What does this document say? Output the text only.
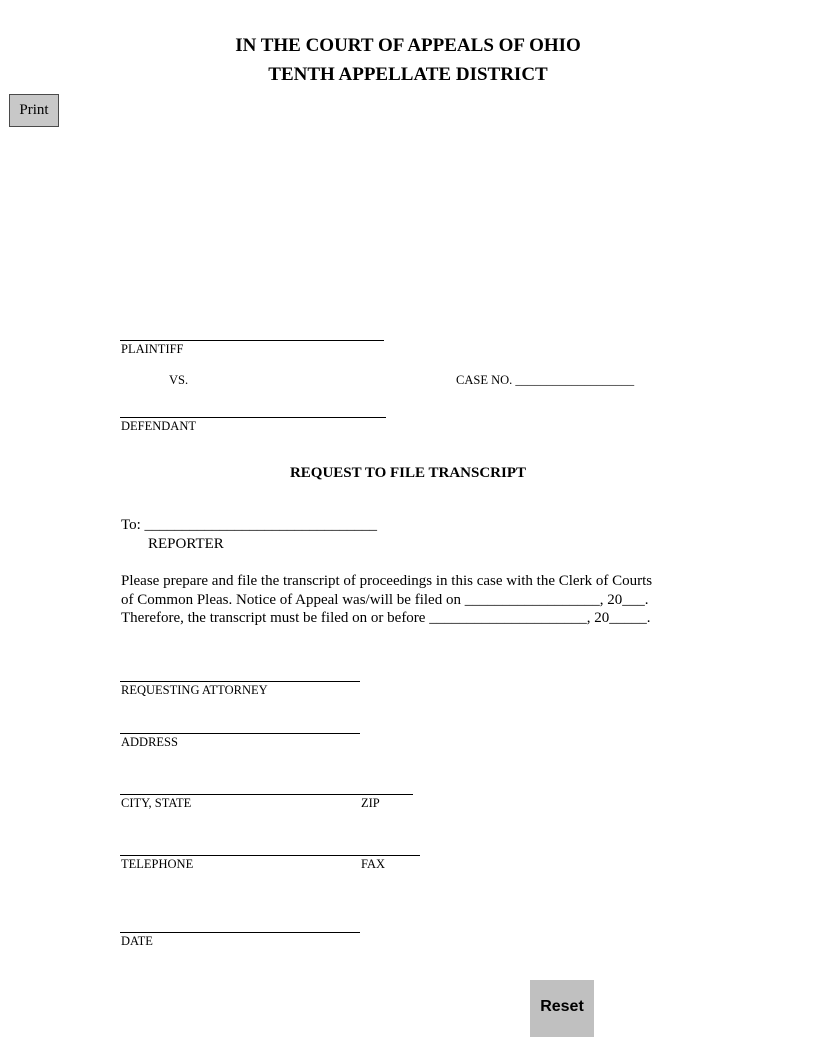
IN THE COURT OF APPEALS OF OHIO
TENTH APPELLATE DISTRICT
Print
PLAINTIFF
VS.	CASE NO. ___________________
DEFENDANT
REQUEST TO FILE TRANSCRIPT
To: _______________________________
REPORTER
Please prepare and file the transcript of proceedings in this case with the Clerk of Courts
of Common Pleas. Notice of Appeal was/will be filed on __________________, 20___.
Therefore, the transcript must be filed on or before _____________________, 20_____.
REQUESTING ATTORNEY
ADDRESS
CITY, STATE	ZIP
TELEPHONE	FAX
DATE
Reset
